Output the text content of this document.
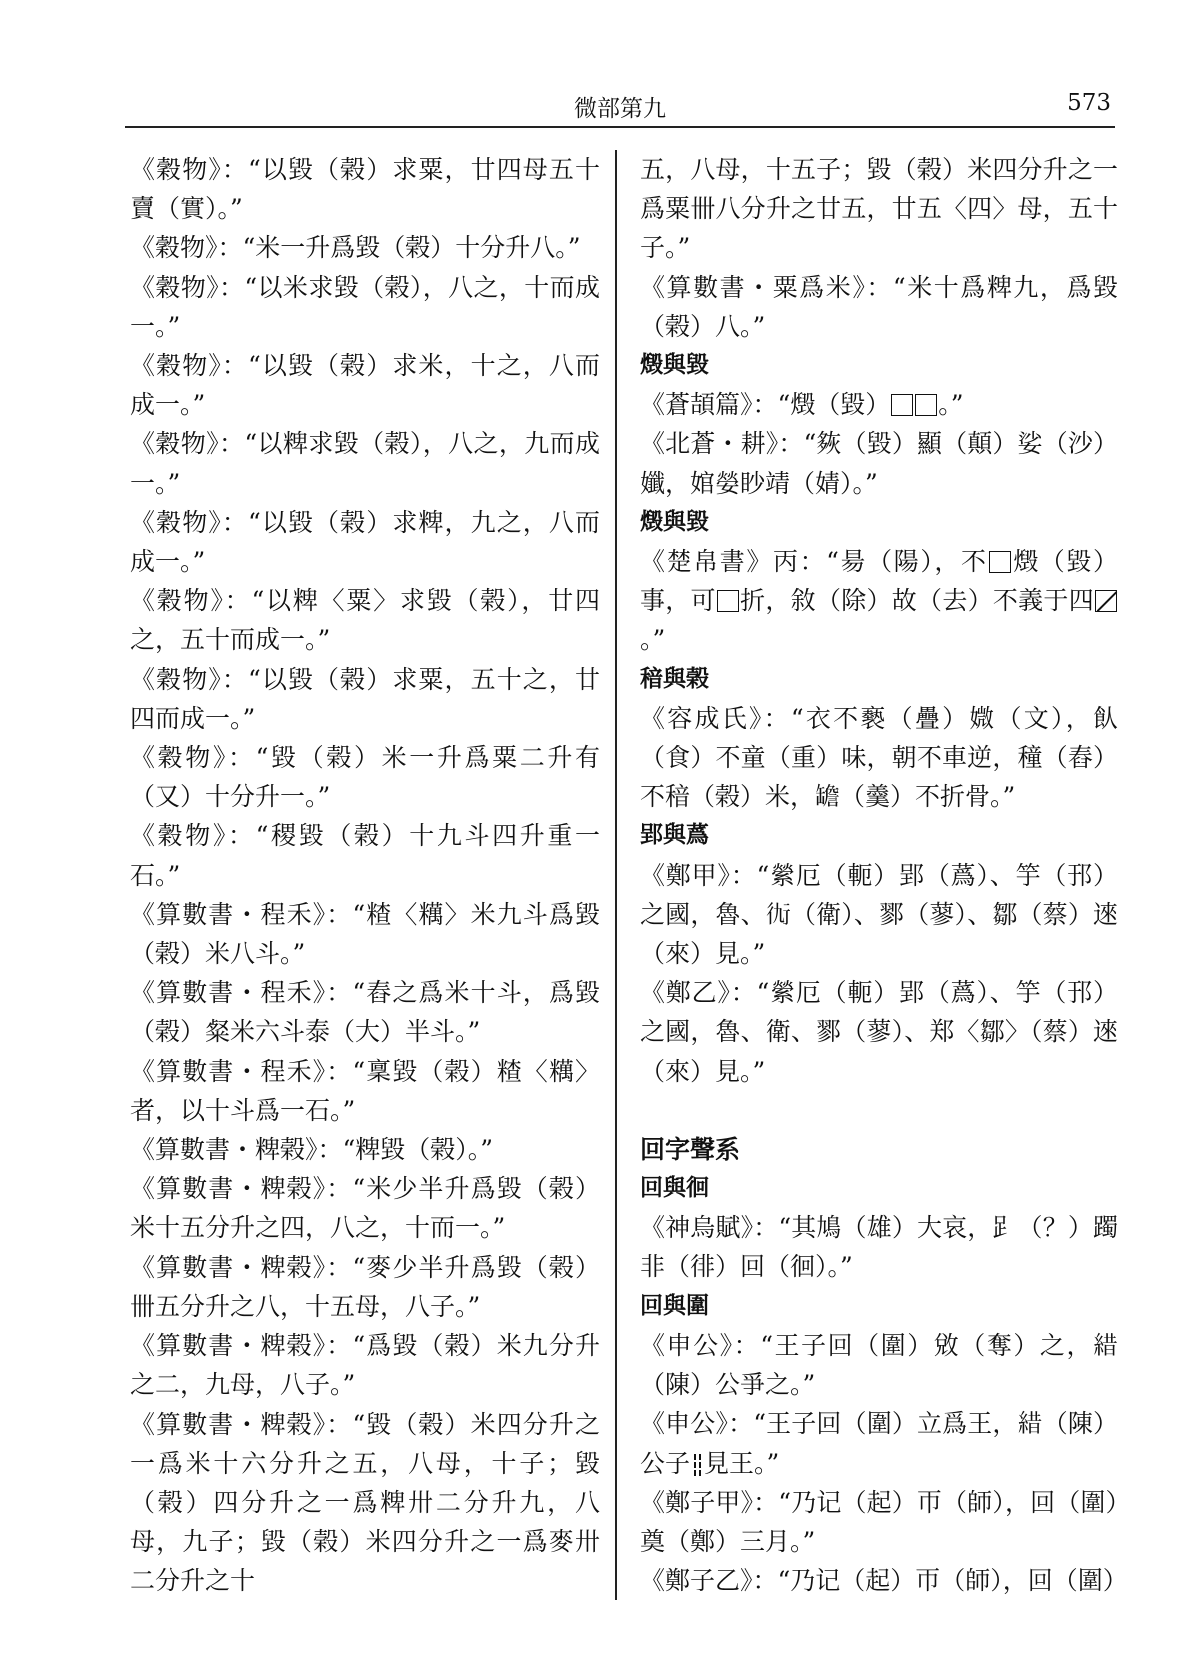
微部第九	573
《穀物》：“以毀（榖）求粟，廿四母五十𧶠（實）。”
《穀物》：“米一升爲毀（榖）十分升八。”
《穀物》：“以米求毀（榖），八之，十而成一。”
《穀物》：“以毀（榖）求米，十之，八而成一。”
《穀物》：“以粺求毀（榖），八之，九而成一。”
《穀物》：“以毀（榖）求粺，九之，八而成一。”
《穀物》：“以粺〈粟〉求毀（榖），廿四之，五十而成一。”
《穀物》：“以毀（榖）求粟，五十之，廿四而成一。”
《穀物》：“毀（榖）米一升爲粟二升有（又）十分升一。”
《穀物》：“稷毀（榖）十九斗四升重一石。”
《算數書・程禾》：“𥻗〈䊪〉米九斗爲毀（榖）米八斗。”
《算數書・程禾》：“舂之爲米十斗，爲毀（榖）粲米六斗泰（大）半斗。”
《算數書・程禾》：“稟毀（榖）𥻗〈䊪〉者，以十斗爲一石。”
《算數書・粺榖》：“粺毀（榖）。”
《算數書・粺榖》：“米少半升爲毀（榖）米十五分升之四，八之，十而一。”
《算數書・粺榖》：“麥少半升爲毀（榖）卌五分升之八，十五母，八子。”
《算數書・粺榖》：“爲毀（榖）米九分升之二，九母，八子。”
《算數書・粺榖》：“毀（榖）米四分升之一爲米十六分升之五，八母，十子；毀（榖）四分升之一爲粺卅二分升九，八母，九子；毀（榖）米四分升之一爲麥卅二分升之十
五，八母，十五子；毀（榖）米四分升之一爲粟卌八分升之廿五，廿五〈四〉母，五十子。”
《算數書・粟爲米》：“米十爲粺九，爲毀（榖）八。”
燬與毀
《蒼頡篇》：“燬（毀） 。”
《北蒼・耕》：“㷇（毀）顯（顛）娑（沙）孅，婠嫈眇靖（婧）。”
燬與毀
《楚帛書》丙：“昜（陽），不 燬（毀）事，可 折，敘（除）故（去）不義于四。”
䅧與榖
《容成氏》：“衣不褻（疊）媺（文），飤（食）不童（重）味，朝不車逆，穜（舂）不䅧（榖）米，𦉜（羹）不折骨。”
郢與蔿
《鄭甲》：“縈厄（軛）郢（蔿）、竽（邘）之國，魯、𧗝（衛）、鄝（蓼）、鄒（蔡）逨（來）見。”
《鄭乙》：“縈厄（軛）郢（蔿）、竽（邘）之國，魯、衛、鄝（蓼）、郑〈鄒〉（蔡）逨（來）見。”
回字聲系
回與徊
《神烏賦》：“其鳩（雄）大哀，𧾷（？）躅非（徘）回（徊）。”
回與圍
《申公》：“王子回（圍）敓（奪）之，𦁎（陳）公爭之。”
《申公》：“王子回（圍）立爲王，𦁎（陳）公子 見王。”
《鄭子甲》：“乃记（起）帀（師），回（圍）奠（鄭）三月。”
《鄭子乙》：“乃记（起）帀（師），回（圍）
